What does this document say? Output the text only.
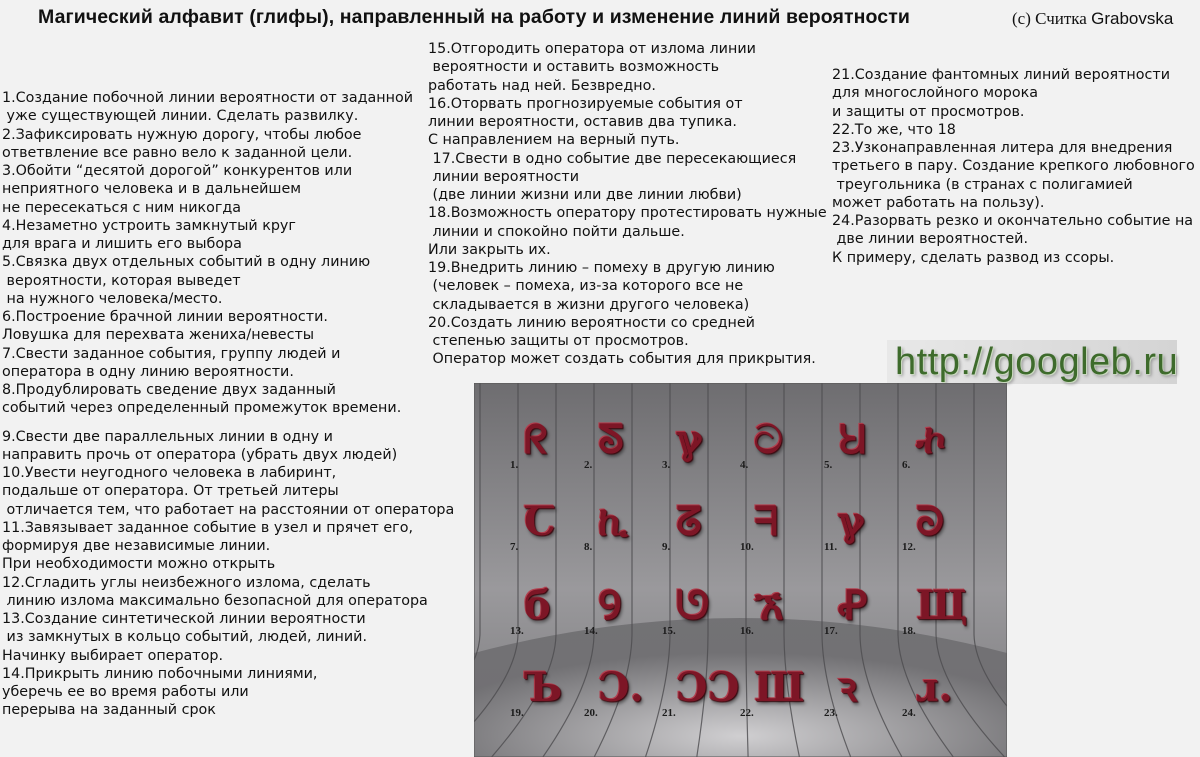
Магический алфавит (глифы), направленный на работу и изменение линий вероятности	(c) Считка Grabovska
1.Создание побочной линии вероятности от заданной
уже существующей линии. Сделать развилку.
2.Зафиксировать нужную дорогу, чтобы любое
ответвление все равно вело к заданной цели.
3.Обойти “десятой дорогой” конкурентов или
неприятного человека и в дальнейшем
не пересекаться с ним никогда
4.Незаметно устроить замкнутый круг
для врага и лишить его выбора
5.Связка двух отдельных событий в одну линию
вероятности, которая выведет
на нужного человека/место.
6.Построение брачной линии вероятности.
Ловушка для перехвата жениха/невесты
7.Свести заданное события, группу людей и
оператора в одну линию вероятности.
8.Продублировать сведение двух заданный
событий через определенный промежуток времени.
9.Свести две параллельных линии в одну и
направить прочь от оператора (убрать двух людей)
10.Увести неугодного человека в лабиринт,
подальше от оператора. От третьей литеры
отличается тем, что работает на расстоянии от оператора
11.Завязывает заданное событие в узел и прячет его,
формируя две независимые линии.
При необходимости можно открыть
12.Сгладить углы неизбежного излома, сделать
линию излома максимально безопасной для оператора
13.Создание синтетической линии вероятности
из замкнутых в кольцо событий, людей, линий.
Начинку выбирает оператор.
14.Прикрыть линию побочными линиями,
уберечь ее во время работы или
перерыва на заданный срок
15.Отгородить оператора от излома линии
вероятности и оставить возможность
работать над ней. Безвредно.
16.Оторвать прогнозируемые события от
линии вероятности, оставив два тупика.
С направлением на верный путь.
17.Свести в одно событие две пересекающиеся
линии вероятности
(две линии жизни или две линии любви)
18.Возможность оператору протестировать нужные
линии и спокойно пойти дальше.
Или закрыть их.
19.Внедрить линию – помеху в другую линию
(человек – помеха, из-за которого все не
складывается в жизни другого человека)
20.Создать линию вероятности со средней
степенью защиты от просмотров.
Оператор может создать события для прикрытия.
21.Создание фантомных линий вероятности
для многослойного морока
и защиты от просмотров.
22.То же, что 18
23.Узконаправленная литера для внедрения
третьего в пару. Создание крепкого любовного
треугольника (в странах с полигамией
может работать на пользу).
24.Разорвать резко и окончательно событие на
две линии вероятностей.
К примеру, сделать развод из ссоры.
http://googleb.ru
1.
ᖇ
2.
ᘕ
3.
ℽ
4.
ට
5.
Ꞟ
6.
ኯ
7.
Ꞇ
8.
ኪ
9.
ᘔ
10.
ᖷ
11.
ℽ
12.
ᘐ
13.
б
14.
Ꝯ
15.
ᘎ
16.
ኧ
17.
Ꝓ
18.
Щ
19.
Ъ
20.
Ɔ.
21.
ƆƆ
22.
Ш
23.
ꝛ
24.
ɹ.
